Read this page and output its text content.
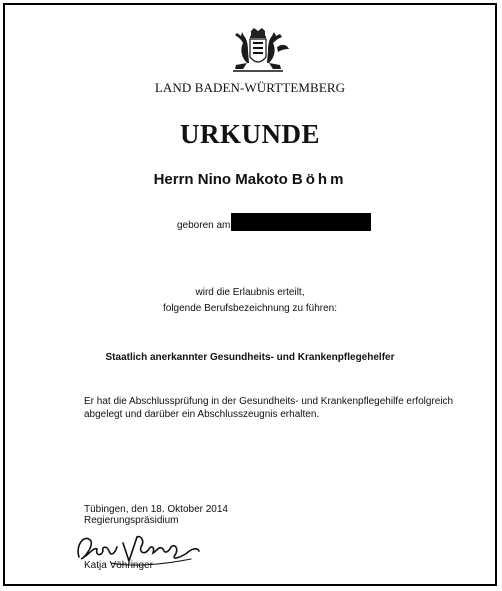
LAND BADEN-WÜRTTEMBERG
URKUNDE
Herrn Nino Makoto Böhm
geboren am
wird die Erlaubnis erteilt,
folgende Berufsbezeichnung zu führen:
Staatlich anerkannter Gesundheits- und Krankenpflegehelfer
Er hat die Abschlussprüfung in der Gesundheits- und Krankenpflegehilfe erfolgreich abgelegt und darüber ein Abschlusszeugnis erhalten.
Tübingen, den 18. Oktober 2014
Regierungspräsidium
Katja Vöhringer
